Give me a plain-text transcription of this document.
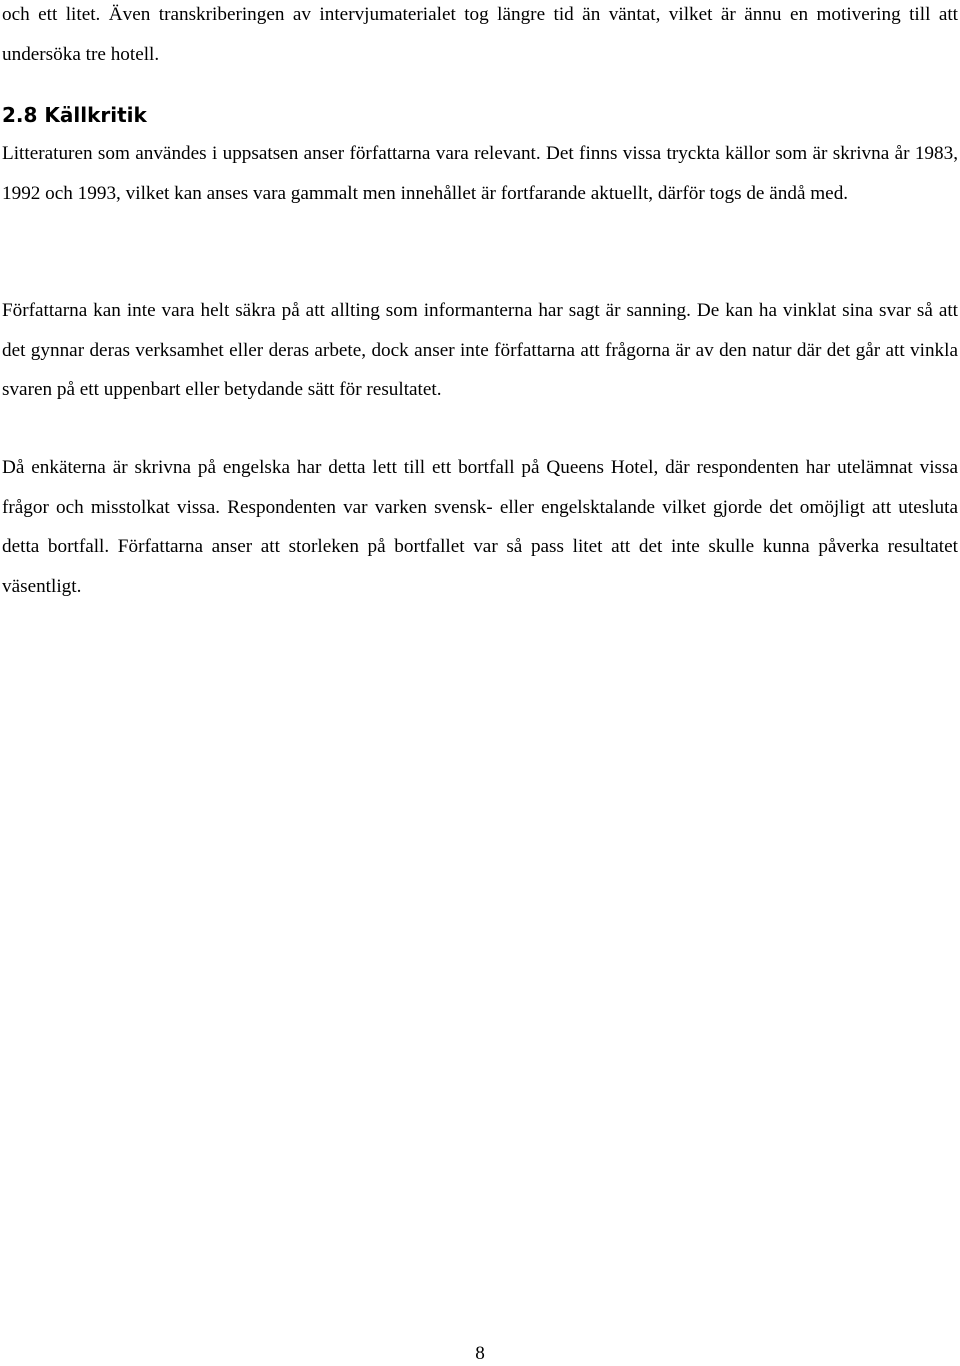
och ett litet. Även transkriberingen av intervjumaterialet tog längre tid än väntat, vilket är ännu en motivering till att undersöka tre hotell.

2.8 Källkritik

Litteraturen som användes i uppsatsen anser författarna vara relevant. Det finns vissa tryckta källor som är skrivna år 1983, 1992 och 1993, vilket kan anses vara gammalt men innehållet är fortfarande aktuellt, därför togs de ändå med.

Författarna kan inte vara helt säkra på att allting som informanterna har sagt är sanning. De kan ha vinklat sina svar så att det gynnar deras verksamhet eller deras arbete, dock anser inte författarna att frågorna är av den natur där det går att vinkla svaren på ett uppenbart eller betydande sätt för resultatet.

Då enkäterna är skrivna på engelska har detta lett till ett bortfall på Queens Hotel, där respondenten har utelämnat vissa frågor och misstolkat vissa. Respondenten var varken svensk- eller engelsktalande vilket gjorde det omöjligt att utesluta detta bortfall. Författarna anser att storleken på bortfallet var så pass litet att det inte skulle kunna påverka resultatet väsentligt.

8
